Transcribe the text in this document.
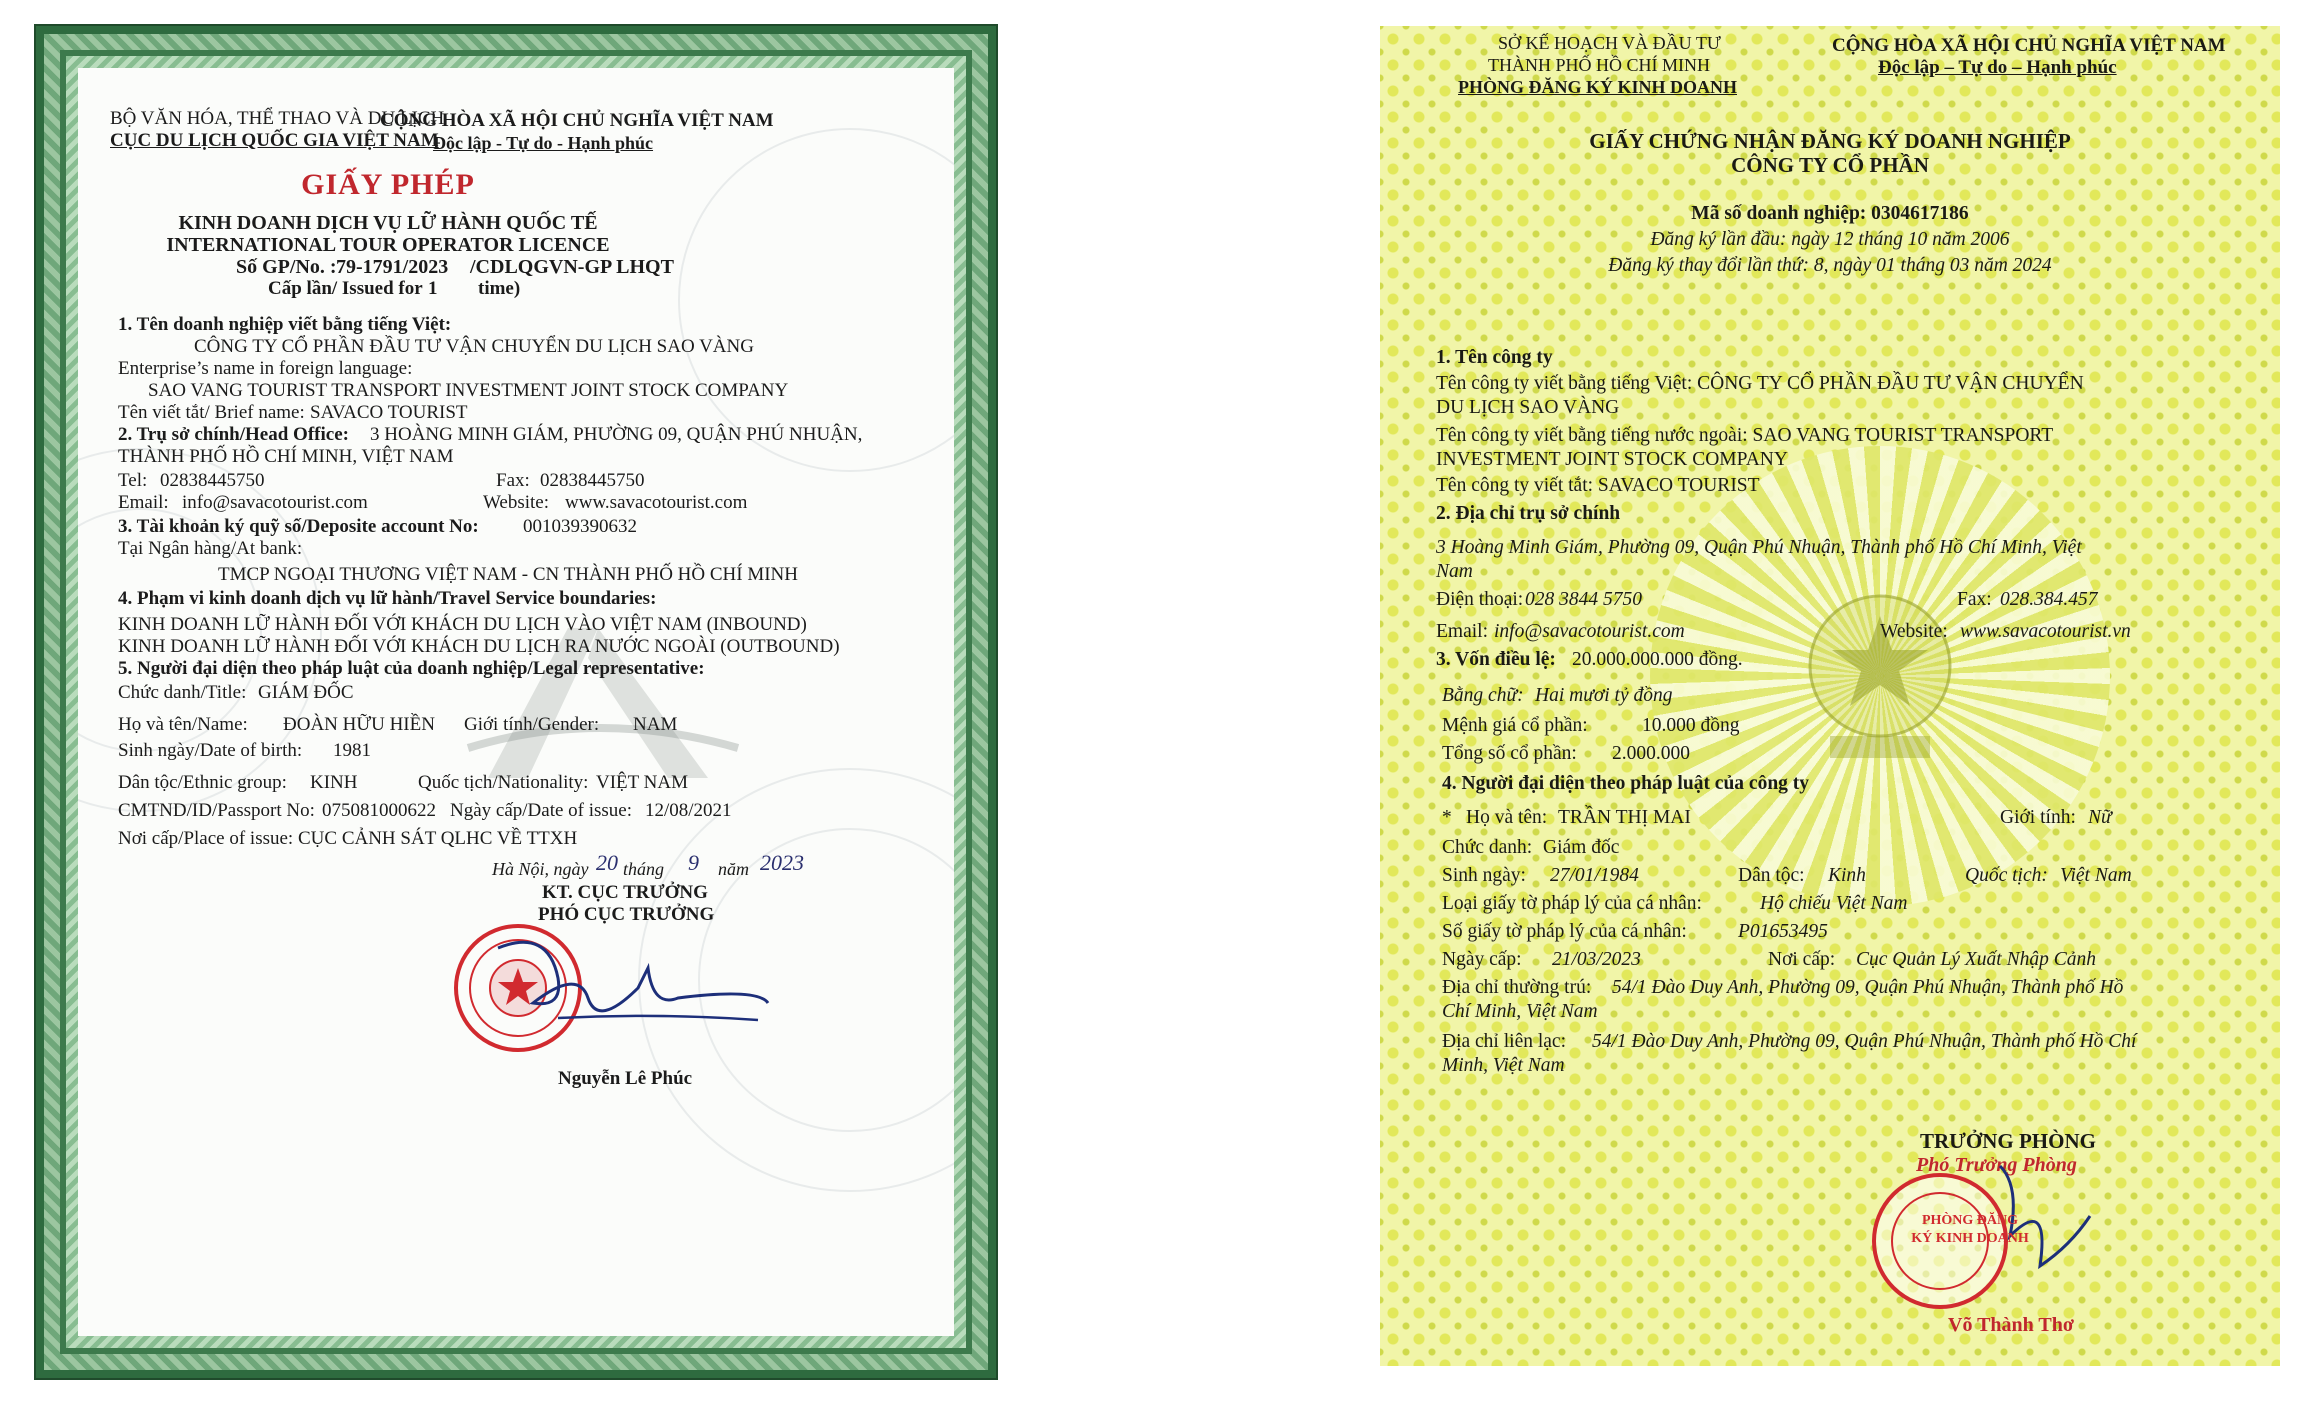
BỘ VĂN HÓA, THỂ THAO VÀ DU LỊCH
CỤC DU LỊCH QUỐC GIA VIỆT NAM
CỘNG HÒA XÃ HỘI CHỦ NGHĨA VIỆT NAM
Độc lập - Tự do - Hạnh phúc
GIẤY PHÉP
KINH DOANH DỊCH VỤ LỮ HÀNH QUỐC TẾ
INTERNATIONAL TOUR OPERATOR LICENCE
Số GP/No. : 79-1791/2023 /CDLQGVN-GP LHQT
Cấp lần/ Issued for 1 time)
1. Tên doanh nghiệp viết bằng tiếng Việt:
CÔNG TY CỔ PHẦN ĐẦU TƯ VẬN CHUYỂN DU LỊCH SAO VÀNG
Enterprise’s name in foreign language:
SAO VANG TOURIST TRANSPORT INVESTMENT JOINT STOCK COMPANY
Tên viết tắt/ Brief name: SAVACO TOURIST
2. Trụ sở chính/Head Office: 3 HOÀNG MINH GIÁM, PHƯỜNG 09, QUẬN PHÚ NHUẬN,
THÀNH PHỐ HỒ CHÍ MINH, VIỆT NAM
Tel: 02838445750	Fax: 02838445750
Email: info@savacotourist.com	Website: www.savacotourist.com
3. Tài khoản ký quỹ số/Deposite account No: 001039390632
Tại Ngân hàng/At bank:
TMCP NGOẠI THƯƠNG VIỆT NAM - CN THÀNH PHỐ HỒ CHÍ MINH
4. Phạm vi kinh doanh dịch vụ lữ hành/Travel Service boundaries:
KINH DOANH LỮ HÀNH ĐỐI VỚI KHÁCH DU LỊCH VÀO VIỆT NAM (INBOUND)
KINH DOANH LỮ HÀNH ĐỐI VỚI KHÁCH DU LỊCH RA NƯỚC NGOÀI (OUTBOUND)
5. Người đại diện theo pháp luật của doanh nghiệp/Legal representative:
Chức danh/Title: GIÁM ĐỐC
Họ và tên/Name: ĐOÀN HỮU HIỀN Giới tính/Gender: NAM
Sinh ngày/Date of birth: 1981
Dân tộc/Ethnic group: KINH	Quốc tịch/Nationality: VIỆT NAM
CMTND/ID/Passport No: 075081000622 Ngày cấp/Date of issue: 12/08/2021
Nơi cấp/Place of issue: CỤC CẢNH SÁT QLHC VỀ TTXH
Hà Nội, ngày 20 tháng 9 năm 2023
KT. CỤC TRƯỞNG
PHÓ CỤC TRƯỞNG
Nguyễn Lê Phúc
SỞ KẾ HOẠCH VÀ ĐẦU TƯ
THÀNH PHỐ HỒ CHÍ MINH
PHÒNG ĐĂNG KÝ KINH DOANH
CỘNG HÒA XÃ HỘI CHỦ NGHĨA VIỆT NAM
Độc lập – Tự do – Hạnh phúc
GIẤY CHỨNG NHẬN ĐĂNG KÝ DOANH NGHIỆP
CÔNG TY CỔ PHẦN
Mã số doanh nghiệp: 0304617186
Đăng ký lần đầu: ngày 12 tháng 10 năm 2006
Đăng ký thay đổi lần thứ: 8, ngày 01 tháng 03 năm 2024
1. Tên công ty
Tên công ty viết bằng tiếng Việt: CÔNG TY CỔ PHẦN ĐẦU TƯ VẬN CHUYỂN
DU LỊCH SAO VÀNG
Tên công ty viết bằng tiếng nước ngoài: SAO VANG TOURIST TRANSPORT
INVESTMENT JOINT STOCK COMPANY
Tên công ty viết tắt: SAVACO TOURIST
2. Địa chỉ trụ sở chính
3 Hoàng Minh Giám, Phường 09, Quận Phú Nhuận, Thành phố Hồ Chí Minh, Việt
Nam
Điện thoại: 028 3844 5750	Fax: 028.384.457
Email: info@savacotourist.com	Website: www.savacotourist.vn
3. Vốn điều lệ: 20.000.000.000 đồng.
Bằng chữ: Hai mươi tỷ đồng
Mệnh giá cổ phần:	10.000 đồng
Tổng số cổ phần: 2.000.000
4. Người đại diện theo pháp luật của công ty
* Họ và tên: TRẦN THỊ MAI	Giới tính: Nữ
Chức danh: Giám đốc
Sinh ngày: 27/01/1984	Dân tộc: Kinh	Quốc tịch: Việt Nam
Loại giấy tờ pháp lý của cá nhân:	Hộ chiếu Việt Nam
Số giấy tờ pháp lý của cá nhân:	P01653495
Ngày cấp: 21/03/2023	Nơi cấp: Cục Quản Lý Xuất Nhập Cảnh
Địa chỉ thường trú: 54/1 Đào Duy Anh, Phường 09, Quận Phú Nhuận, Thành phố Hồ
Chí Minh, Việt Nam
Địa chỉ liên lạc: 54/1 Đào Duy Anh, Phường 09, Quận Phú Nhuận, Thành phố Hồ Chí
Minh, Việt Nam
TRƯỞNG PHÒNG
Phó Trưởng Phòng
PHÒNG ĐĂNG KÝ KINH DOANH
Võ Thành Thơ
